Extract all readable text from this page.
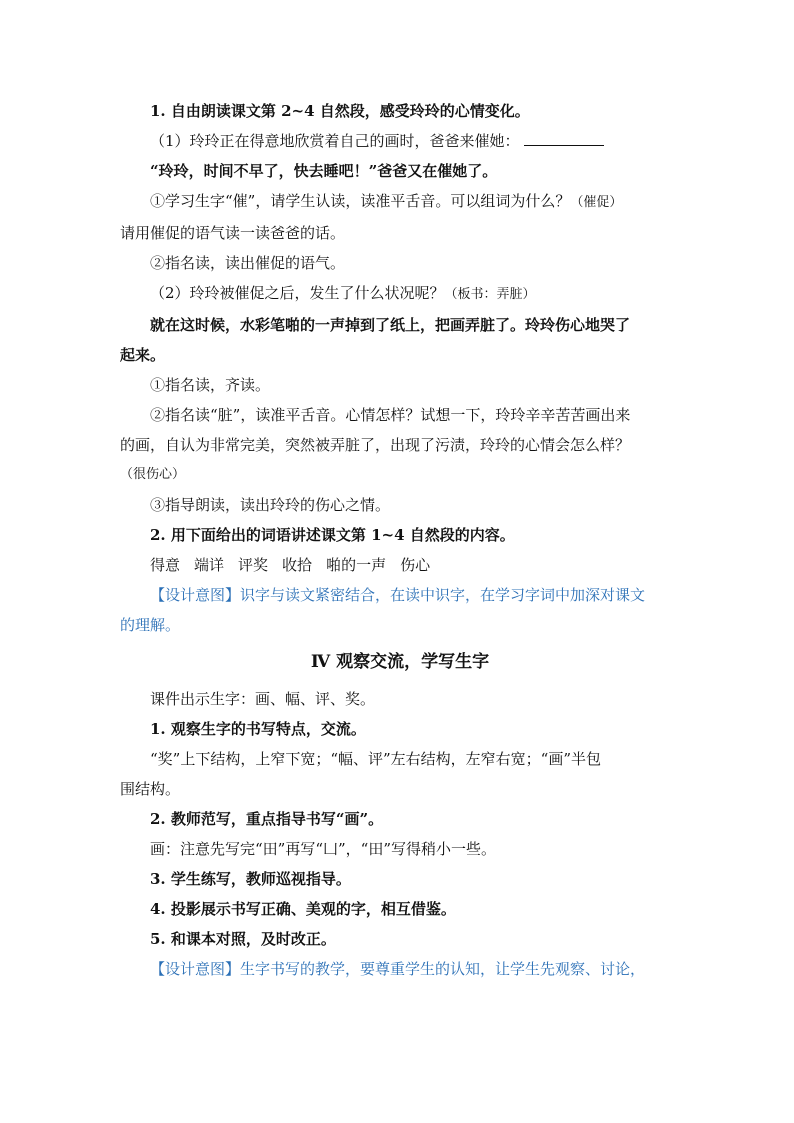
1. 自由朗读课文第 2~4 自然段，感受玲玲的心情变化。
（1）玲玲正在得意地欣赏着自己的画时，爸爸来催她：
“玲玲，时间不早了，快去睡吧！”爸爸又在催她了。
①学习生字“催”，请学生认读，读准平舌音。可以组词为什么？（催促）
请用催促的语气读一读爸爸的话。
②指名读，读出催促的语气。
（2）玲玲被催促之后，发生了什么状况呢？（板书：弄脏）
就在这时候，水彩笔啪的一声掉到了纸上，把画弄脏了。玲玲伤心地哭了
起来。
①指名读，齐读。
②指名读“脏”，读准平舌音。心情怎样？试想一下，玲玲辛辛苦苦画出来
的画，自认为非常完美，突然被弄脏了，出现了污渍，玲玲的心情会怎么样？
（很伤心）
③指导朗读，读出玲玲的伤心之情。
2. 用下面给出的词语讲述课文第 1~4 自然段的内容。
得意 端详 评奖 收拾 啪的一声 伤心
【设计意图】识字与读文紧密结合，在读中识字，在学习字词中加深对课文
的理解。
Ⅳ 观察交流，学写生字
课件出示生字：画、幅、评、奖。
1. 观察生字的书写特点，交流。
“奖”上下结构，上窄下宽；“幅、评”左右结构，左窄右宽；“画”半包
围结构。
2. 教师范写，重点指导书写“画”。
画：注意先写完“田”再写“凵”，“田”写得稍小一些。
3. 学生练写，教师巡视指导。
4. 投影展示书写正确、美观的字，相互借鉴。
5. 和课本对照，及时改正。
【设计意图】生字书写的教学，要尊重学生的认知，让学生先观察、讨论，
